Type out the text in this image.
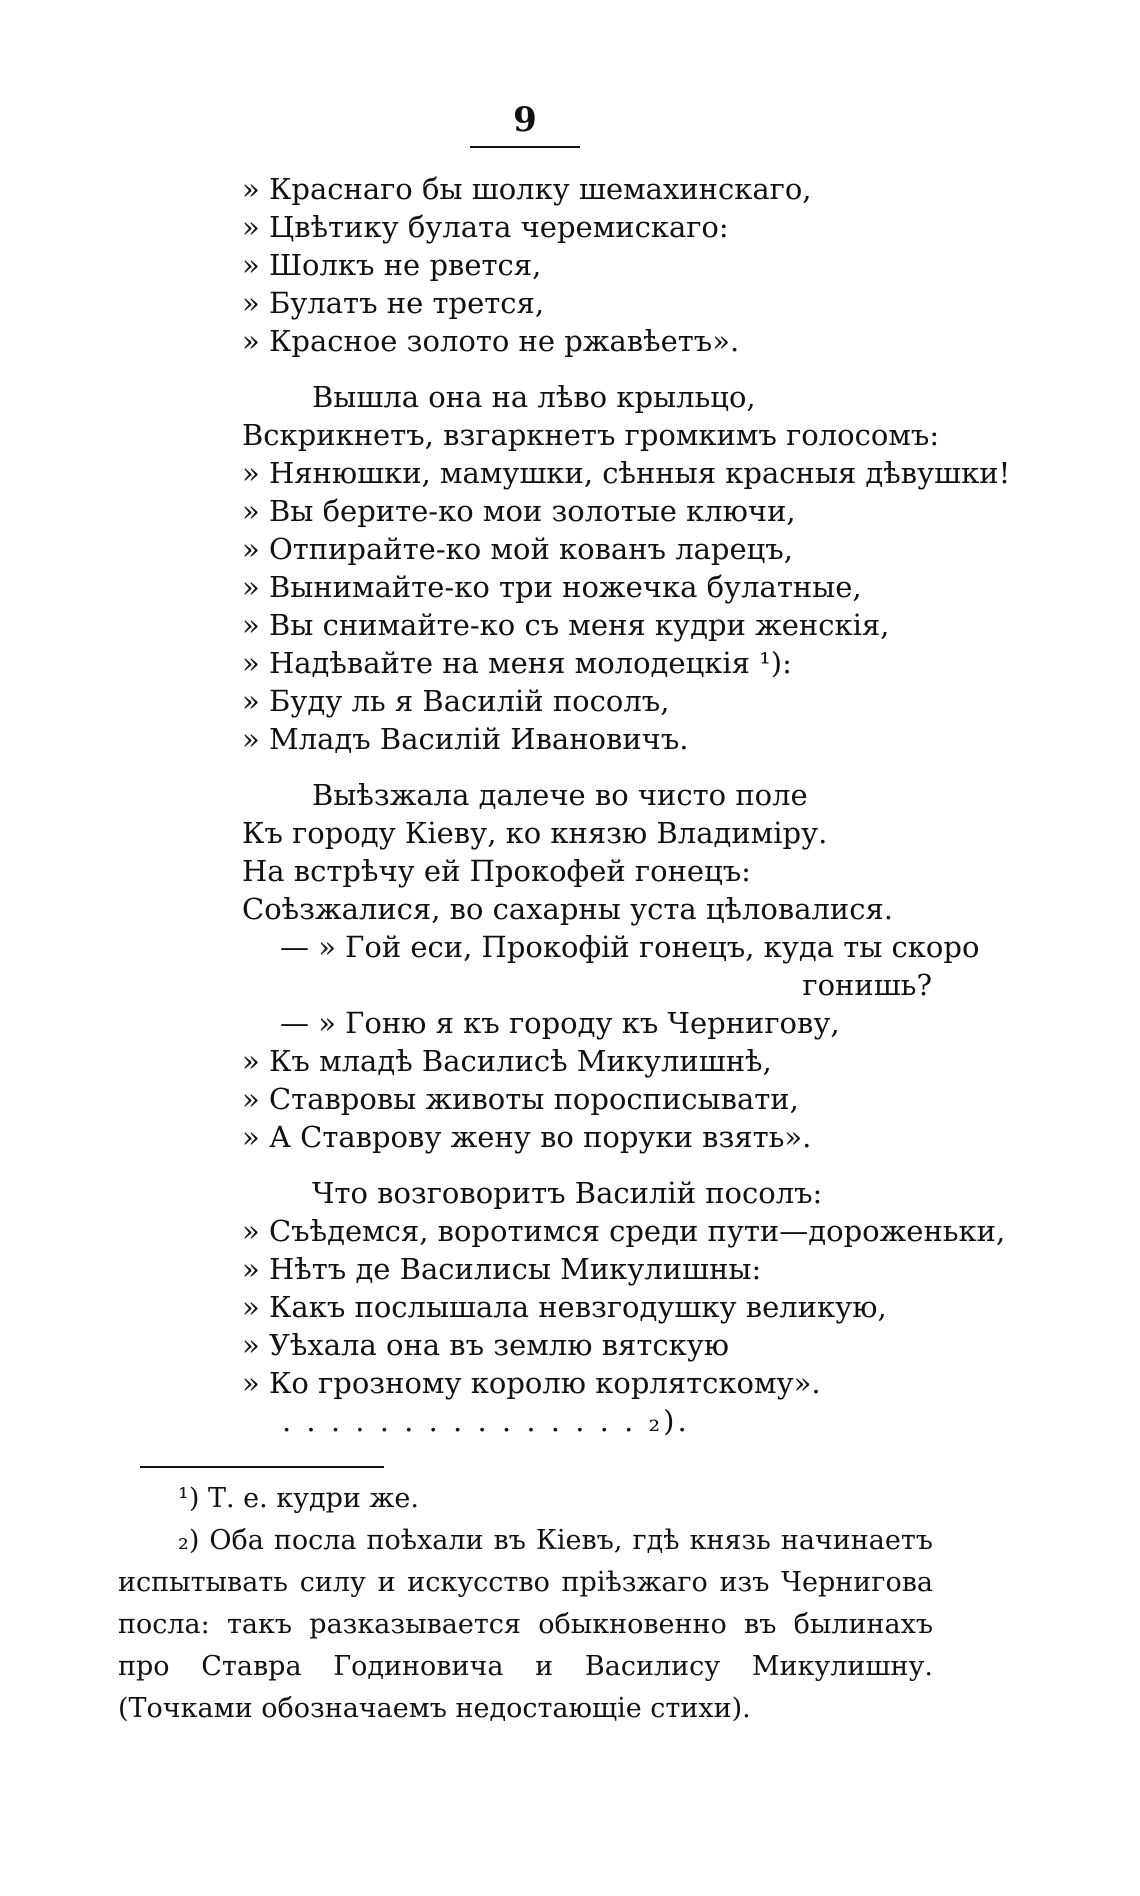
9
» Краснаго бы шолку шемахинскаго,
» Цвѣтику булата черемискаго:
» Шолкъ не рвется,
» Булатъ не трется,
» Красное золото не ржавѣетъ».
Вышла она на лѣво крыльцо,
Вскрикнетъ, взгаркнетъ громкимъ голосомъ:
» Нянюшки, мамушки, сѣнныя красныя дѣвушки!
» Вы берите-ко мои золотые ключи,
» Отпирайте-ко мой кованъ ларецъ,
» Вынимайте-ко три ножечка булатные,
» Вы снимайте-ко съ меня кудри женскія,
» Надѣвайте на меня молодецкія ¹):
» Буду ль я Василій посолъ,
» Младъ Василій Ивановичъ.
Выѣзжала далече во чисто поле
Къ городу Кіеву, ко князю Владиміру.
На встрѣчу ей Прокофей гонецъ:
Соѣзжалися, во сахарны уста цѣловалися.
— » Гой еси, Прокофій гонецъ, куда ты скоро
гонишь?
— » Гоню я къ городу къ Чернигову,
» Къ младѣ Василисѣ Микулишнѣ,
» Ставровы животы пороcписывати,
» А Ставрову жену во поруки взять».
Что возговоритъ Василій посолъ:
» Съѣдемся, воротимся среди пути—дороженьки,
» Нѣтъ де Василисы Микулишны:
» Какъ послышала невзгодушку великую,
» Уѣхала она въ землю вятскую
» Ко грозному королю корлятскому».
. . . . . . . . . . . . . . . ₂).
¹) Т. е. кудри же.
₂) Оба посла поѣхали въ Кіевъ, гдѣ князь начинаетъ испытывать силу и искусство пріѣзжаго изъ Чернигова посла: такъ разказывается обыкновенно въ былинахъ про Ставра Годиновича и Василису Микулишну. (Точками обозначаемъ недостающіе стихи).
